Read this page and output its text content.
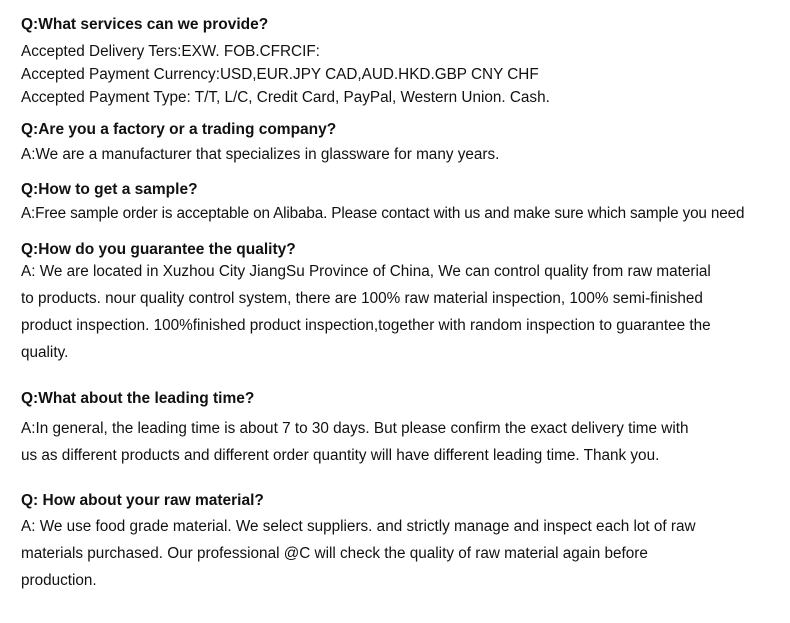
Q:What services can we provide?
Accepted Delivery Ters:EXW. FOB.CFRCIF:
Accepted Payment Currency:USD,EUR.JPY CAD,AUD.HKD.GBP CNY CHF
Accepted Payment Type: T/T, L/C, Credit Card, PayPal, Western Union. Cash.
Q:Are you a factory or a trading company?
A:We are a manufacturer that specializes in glassware for many years.
Q:How to get a sample?
A:Free sample order is acceptable on Alibaba. Please contact with us and make sure which sample you need
Q:How do you guarantee the quality?
A: We are located in Xuzhou City JiangSu Province of China, We can control quality from raw material
to products. nour quality control system, there are 100% raw material inspection, 100% semi-finished
product inspection. 100%finished product inspection,together with random inspection to guarantee the
quality.
Q:What about the leading time?
A:In general, the leading time is about 7 to 30 days. But please confirm the exact delivery time with
us as different products and different order quantity will have different leading time. Thank you.
Q: How about your raw material?
A: We use food grade material. We select suppliers. and strictly manage and inspect each lot of raw
materials purchased. Our professional @C will check the quality of raw material again before
production.
